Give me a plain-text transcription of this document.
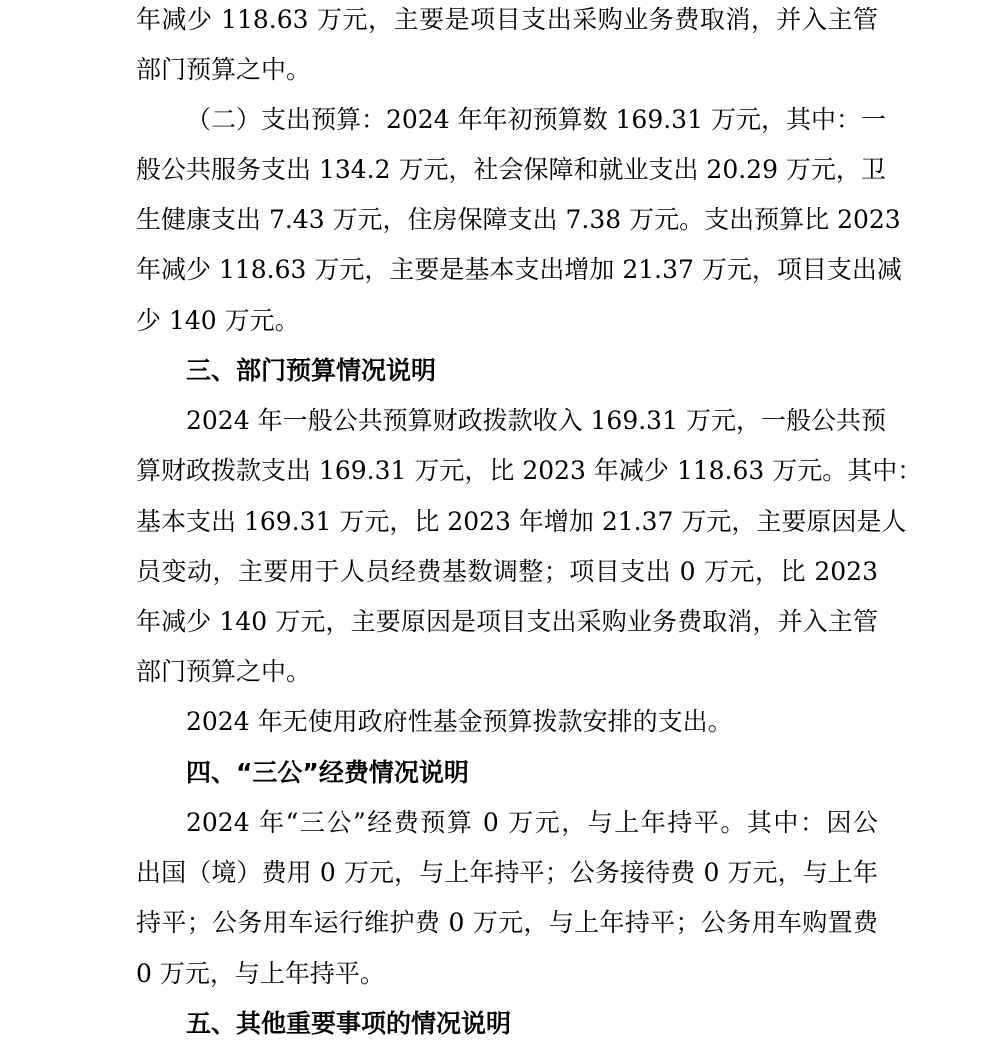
年减少 118.63 万元，主要是项目支出采购业务费取消，并入主管
部门预算之中。
（二）支出预算：2024 年年初预算数 169.31 万元，其中：一
般公共服务支出 134.2 万元，社会保障和就业支出 20.29 万元，卫
生健康支出 7.43 万元，住房保障支出 7.38 万元。支出预算比 2023
年减少 118.63 万元，主要是基本支出增加 21.37 万元，项目支出减
少 140 万元。
三、部门预算情况说明
2024 年一般公共预算财政拨款收入 169.31 万元，一般公共预
算财政拨款支出 169.31 万元，比 2023 年减少 118.63 万元。其中：
基本支出 169.31 万元，比 2023 年增加 21.37 万元，主要原因是人
员变动，主要用于人员经费基数调整；项目支出 0 万元，比 2023
年减少 140 万元，主要原因是项目支出采购业务费取消，并入主管
部门预算之中。
2024 年无使用政府性基金预算拨款安排的支出。
四、“三公”经费情况说明
2024 年“三公”经费预算 0 万元，与上年持平。其中：因公
出国（境）费用 0 万元，与上年持平；公务接待费 0 万元，与上年
持平；公务用车运行维护费 0 万元，与上年持平；公务用车购置费
0 万元，与上年持平。
五、其他重要事项的情况说明
